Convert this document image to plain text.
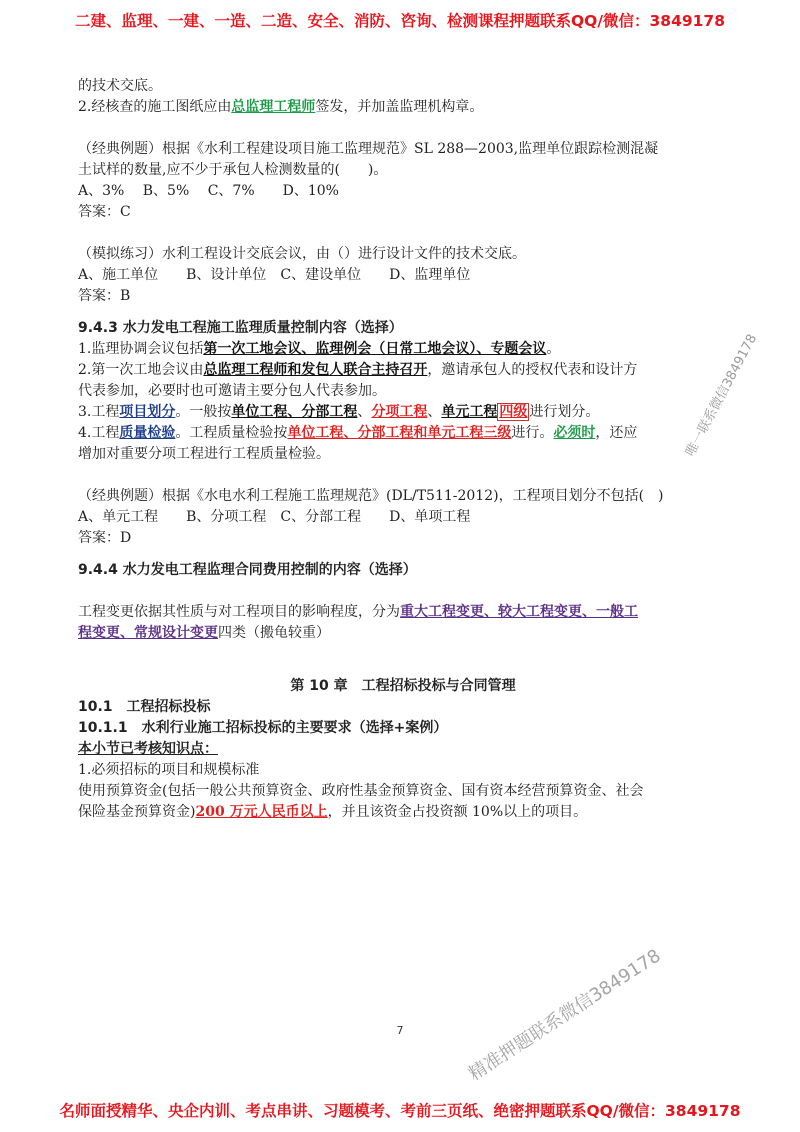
二建、监理、一建、一造、二造、安全、消防、咨询、检测课程押题联系QQ/微信：3849178
的技术交底。
2.经核查的施工图纸应由总监理工程师签发，并加盖监理机构章。
（经典例题）根据《水利工程建设项目施工监理规范》SL 288—2003,监理单位跟踪检测混凝
土试样的数量,应不少于承包人检测数量的(　　)。
A、3%　 B、5%　 C、7%　　D、10%
答案：C
（模拟练习）水利工程设计交底会议，由（）进行设计文件的技术交底。
A、施工单位　　B、设计单位　C、建设单位　　D、监理单位
答案：B
9.4.3 水力发电工程施工监理质量控制内容（选择）
1.监理协调会议包括第一次工地会议、监理例会（日常工地会议）、专题会议。
2.第一次工地会议由总监理工程师和发包人联合主持召开，邀请承包人的授权代表和设计方
代表参加，必要时也可邀请主要分包人代表参加。
3.工程项目划分。一般按单位工程、分部工程、分项工程、单元工程 四级 进行划分。
4.工程质量检验。工程质量检验按单位工程、分部工程和单元工程三级进行。必须时，还应
增加对重要分项工程进行工程质量检验。
（经典例题）根据《水电水利工程施工监理规范》(DL/T511-2012)，工程项目划分不包括(　)
A、单元工程　　B、分项工程　C、分部工程　　D、单项工程
答案：D
9.4.4 水力发电工程监理合同费用控制的内容（选择）
工程变更依据其性质与对工程项目的影响程度，分为重大工程变更、较大工程变更、一般工
程变更、常规设计变更四类（搬龟较重）
第 10 章　工程招标投标与合同管理
10.1　工程招标投标
10.1.1　水利行业施工招标投标的主要要求（选择+案例）
本小节已考核知识点：
1.必须招标的项目和规模标准
使用预算资金(包括一般公共预算资金、政府性基金预算资金、国有资本经营预算资金、社会
保险基金预算资金)200 万元人民币以上，并且该资金占投资额 10%以上的项目。
唯一联系微信3849178
精准押题联系微信3849178
7
名师面授精华、央企内训、考点串讲、习题模考、考前三页纸、绝密押题联系QQ/微信：3849178
